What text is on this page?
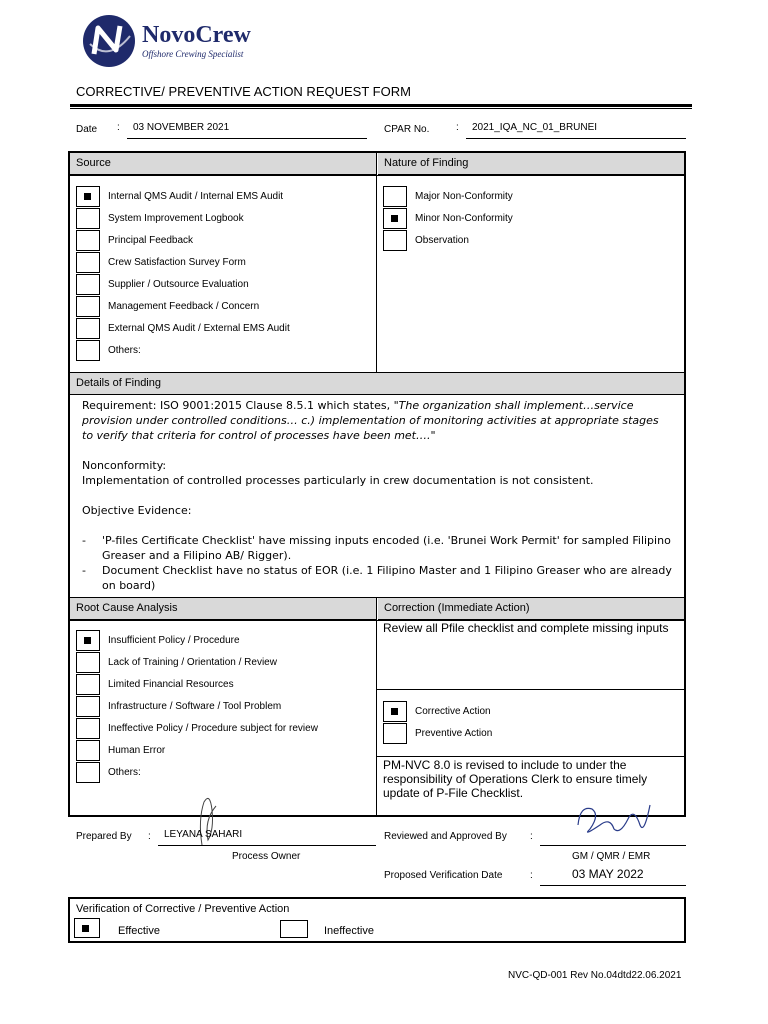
NovoCrew
Offshore Crewing Specialist
CORRECTIVE/ PREVENTIVE ACTION REQUEST FORM
Date :	03 NOVEMBER 2021	CPAR No.	:	2021_IQA_NC_01_BRUNEI
Source	Nature of Finding
Internal QMS Audit / Internal EMS Audit
System Improvement Logbook
Principal Feedback
Crew Satisfaction Survey Form
Supplier / Outsource Evaluation
Management Feedback / Concern
External QMS Audit / External EMS Audit
Others:
Major Non-Conformity
Minor Non-Conformity
Observation
Details of Finding

Requirement: ISO 9001:2015 Clause 8.5.1 which states, "The organization shall implement…service provision under controlled conditions… c.) implementation of monitoring activities at appropriate stages to verify that criteria for control of processes have been met…."

Nonconformity:

Implementation of controlled processes particularly in crew documentation is not consistent.

Objective Evidence:

-	'P-files Certificate Checklist' have missing inputs encoded (i.e. 'Brunei Work Permit' for sampled Filipino Greaser and a Filipino AB/ Rigger).
-	Document Checklist have no status of EOR (i.e. 1 Filipino Master and 1 Filipino Greaser who are already on board)
Root Cause Analysis	Correction (Immediate Action)
Insufficient Policy / Procedure
Lack of Training / Orientation / Review
Limited Financial Resources
Infrastructure / Software / Tool Problem
Ineffective Policy / Procedure subject for review
Human Error
Others:
Review all Pfile checklist and complete missing inputs
Corrective Action
Preventive Action
PM-NVC 8.0 is revised to include to under the responsibility of Operations Clerk to ensure timely update of P-File Checklist.
Prepared By :	LEYANA SAHARI
Process Owner
Reviewed and Approved By :
GM / QMR / EMR
Proposed Verification Date	:	03 MAY 2022
Verification of Corrective / Preventive Action
Effective	Ineffective
NVC-QD-001 Rev No.04dtd22.06.2021
